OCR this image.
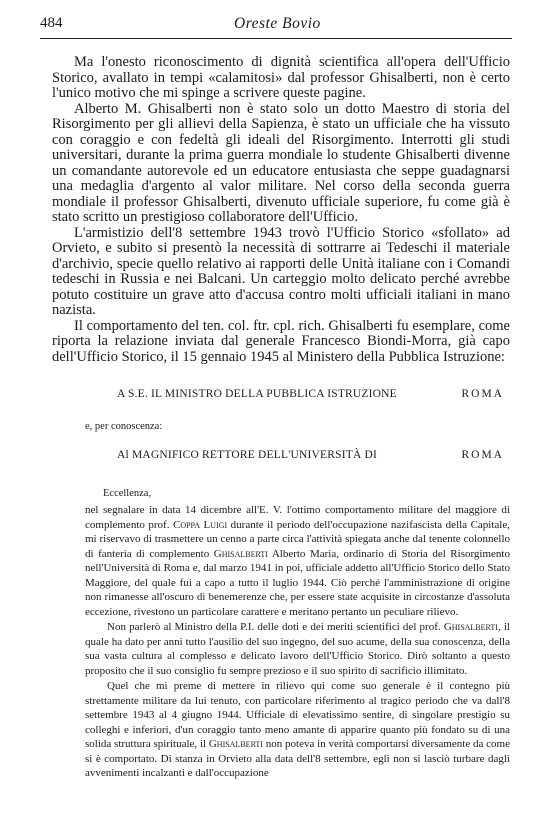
484	Oreste Bovio

Ma l'onesto riconoscimento di dignità scientifica all'opera dell'Ufficio Storico, avallato in tempi «calamitosi» dal professor Ghisalberti, non è certo l'unico motivo che mi spinge a scrivere queste pagine.

Alberto M. Ghisalberti non è stato solo un dotto Maestro di storia del Risorgimento per gli allievi della Sapienza, è stato un ufficiale che ha vissuto con coraggio e con fedeltà gli ideali del Risorgimento. Interrotti gli studi universitari, durante la prima guerra mondiale lo studente Ghisalberti divenne un comandante autorevole ed un educatore entusiasta che seppe guadagnarsi una medaglia d'argento al valor militare. Nel corso della seconda guerra mondiale il professor Ghisalberti, divenuto ufficiale superiore, fu come già è stato scritto un prestigioso collaboratore dell'Ufficio.

L'armistizio dell'8 settembre 1943 trovò l'Ufficio Storico «sfollato» ad Orvieto, e subito si presentò la necessità di sottrarre ai Tedeschi il materiale d'archivio, specie quello relativo ai rapporti delle Unità italiane con i Comandi tedeschi in Russia e nei Balcani. Un carteggio molto delicato perché avrebbe potuto costituire un grave atto d'accusa contro molti ufficiali italiani in mano nazista.

Il comportamento del ten. col. ftr. cpl. rich. Ghisalberti fu esemplare, come riporta la relazione inviata dal generale Francesco Biondi-Morra, già capo dell'Ufficio Storico, il 15 gennaio 1945 al Ministero della Pubblica Istruzione:

A S.E. IL MINISTRO DELLA PUBBLICA ISTRUZIONE	ROMA
e, per conoscenza:
Al MAGNIFICO RETTORE DELL'UNIVERSITÀ DI	ROMA
Eccellenza,

nel segnalare in data 14 dicembre all'E. V. l'ottimo comportamento militare del maggiore di complemento prof. Coppa Luigi durante il periodo dell'occupazione nazifascista della Capitale, mi riservavo di trasmettere un cenno a parte circa l'attività spiegata anche dal tenente colonnello di fanteria di complemento Ghisalberti Alberto Maria, ordinario di Storia del Risorgimento nell'Università di Roma e, dal marzo 1941 in poi, ufficiale addetto all'Ufficio Storico dello Stato Maggiore, del quale fui a capo a tutto il luglio 1944. Ciò perché l'amministrazione di origine non rimanesse all'oscuro di benemerenze che, per essere state acquisite in circostanze d'assoluta eccezione, rivestono un particolare carattere e meritano pertanto un peculiare rilievo.

Non parlerò al Ministro della P.I. delle doti e dei meriti scientifici del prof. Ghisalberti, il quale ha dato per anni tutto l'ausilio del suo ingegno, del suo acume, della sua conoscenza, della sua vasta cultura al complesso e delicato lavoro dell'Ufficio Storico. Dirò soltanto a questo proposito che il suo consiglio fu sempre prezioso e il suo spirito di sacrificio illimitato.

Quel che mi preme di mettere in rilievo qui come suo generale è il contegno più strettamente militare da lui tenuto, con particolare riferimento al tragico periodo che va dall'8 settembre 1943 al 4 giugno 1944. Ufficiale di elevatissimo sentire, di singolare prestigio su colleghi e inferiori, d'un coraggio tanto meno amante di apparire quanto più fondato su di una solida struttura spirituale, il Ghisalberti non poteva in verità comportarsi diversamente da come si è comportato. Di stanza in Orvieto alla data dell'8 settembre, egli non si lasciò turbare dagli avvenimenti incalzanti e dall'occupazione
